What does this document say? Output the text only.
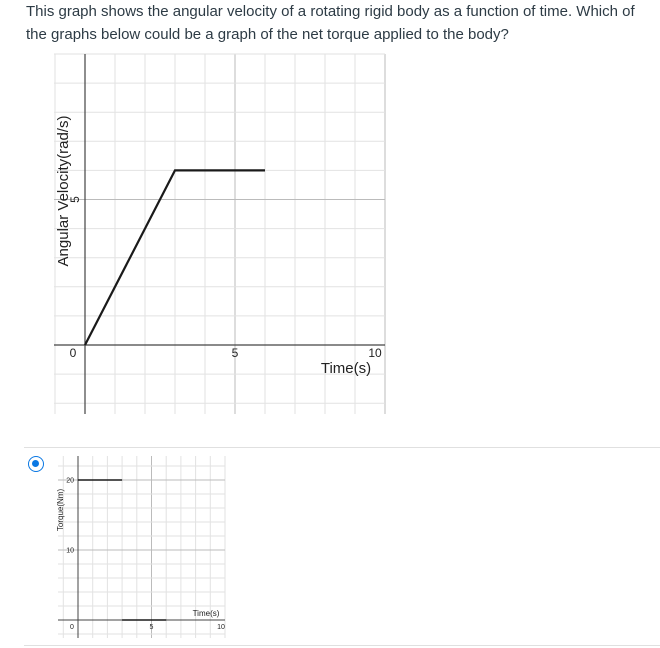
This graph shows the angular velocity of a rotating rigid body as a function of time. Which of the graphs below could be a graph of the net torque applied to the body?

0	5	10
5
Angular Velocity(rad/s)
Time(s)
0	5	10
10
20
Torque(Nm)
Time(s)
